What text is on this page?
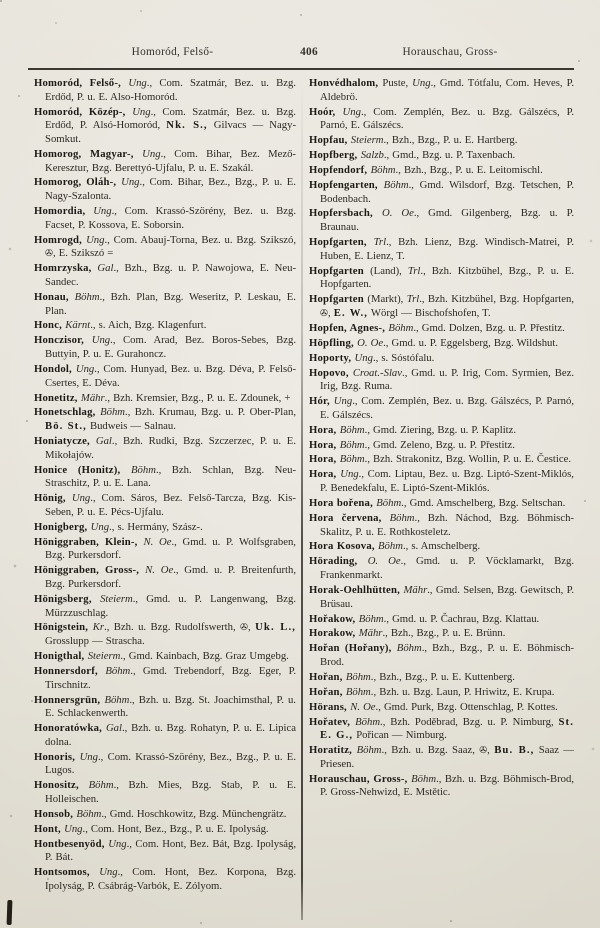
Homoród, Felső-	406	Horauschau, Gross-

Homoród, Felső-, Ung., Com. Szatmár, Bez. u. Bzg. Erdőd, P. u. E. Also-Homoród.

Homoród, Közép-, Ung., Com. Szatmár, Bez. u. Bzg. Erdőd, P. Alsó-Homoród, Nk. S., Gilvacs — Nagy-Somkut.

Homorog, Magyar-, Ung., Com. Bihar, Bez. Mező-Keresztur, Bzg. Berettyó-Ujfalu, P. u. E. Szakál.

Homorog, Oláh-, Ung., Com. Bihar, Bez., Bzg., P. u. E. Nagy-Szalonta.

Homordia, Ung., Com. Krassó-Szörény, Bez. u. Bzg. Facset, P. Kossova, E. Soborsin.

Homrogd, Ung., Com. Abauj-Torna, Bez. u. Bzg. Szikszó, ✇, E. Szikszó =

Homrzyska, Gal., Bzh., Bzg. u. P. Nawojowa, E. Neu-Sandec.

Honau, Böhm., Bzh. Plan, Bzg. Weseritz, P. Leskau, E. Plan.

Honc, Kärnt., s. Aich, Bzg. Klagenfurt.

Honczisor, Ung., Com. Arad, Bez. Boros-Sebes, Bzg. Buttyin, P. u. E. Gurahoncz.

Hondol, Ung., Com. Hunyad, Bez. u. Bzg. Déva, P. Felső-Csertes, E. Déva.

Honetitz, Mähr., Bzh. Kremsier, Bzg., P. u. E. Zdounek, +

Honetschlag, Böhm., Bzh. Krumau, Bzg. u. P. Ober-Plan, Bö. St., Budweis — Salnau.

Honiatycze, Gal., Bzh. Rudki, Bzg. Szczerzec, P. u. E. Mikołajów.

Honice (Honitz), Böhm., Bzh. Schlan, Bzg. Neu-Straschitz, P. u. E. Lana.

Hönig, Ung., Com. Sáros, Bez. Felső-Tarcza, Bzg. Kis-Seben, P. u. E. Pécs-Ujfalu.

Honigberg, Ung., s. Hermány, Szász-.

Höniggraben, Klein-, N. Oe., Gmd. u. P. Wolfsgraben, Bzg. Purkersdorf.

Höniggraben, Gross-, N. Oe., Gmd. u. P. Breitenfurth, Bzg. Purkersdorf.

Hönigsberg, Steierm., Gmd. u. P. Langenwang, Bzg. Mürzzuschlag.

Hönigstein, Kr., Bzh. u. Bzg. Rudolfswerth, ✇, Uk. L., Grosslupp — Strascha.

Honigthal, Steierm., Gmd. Kainbach, Bzg. Graz Umgebg.

Honnersdorf, Böhm., Gmd. Trebendorf, Bzg. Eger, P. Tirschnitz.

Honnersgrün, Böhm., Bzh. u. Bzg. St. Joachimsthal, P. u. E. Schlackenwerth.

Honoratówka, Gal., Bzh. u. Bzg. Rohatyn, P. u. E. Lipica dolna.

Honoris, Ung., Com. Krassó-Szörény, Bez., Bzg., P. u. E. Lugos.

Honositz, Böhm., Bzh. Mies, Bzg. Stab, P. u. E. Holleischen.

Honsob, Böhm., Gmd. Hoschkowitz, Bzg. Münchengrätz.

Hont, Ung., Com. Hont, Bez., Bzg., P. u. E. Ipolyság.

Hontbesenyöd, Ung., Com. Hont, Bez. Bát, Bzg. Ipolyság, P. Bát.

Hontsomos, Ung., Com. Hont, Bez. Korpona, Bzg. Ipolyság, P. Csábrág-Varbók, E. Zólyom.

Honvédhalom, Puste, Ung., Gmd. Tótfalu, Com. Heves, P. Aldebrö.

Hoór, Ung., Com. Zemplén, Bez. u. Bzg. Gálszécs, P. Parnó, E. Gálszécs.

Hopfau, Steierm., Bzh., Bzg., P. u. E. Hartberg.

Hopfberg, Salzb., Gmd., Bzg. u. P. Taxenbach.

Hopfendorf, Böhm., Bzh., Bzg., P. u. E. Leitomischl.

Hopfengarten, Böhm., Gmd. Wilsdorf, Bzg. Tetschen, P. Bodenbach.

Hopfersbach, O. Oe., Gmd. Gilgenberg, Bzg. u. P. Braunau.

Hopfgarten, Trl., Bzh. Lienz, Bzg. Windisch-Matrei, P. Huben, E. Lienz, T.

Hopfgarten (Land), Trl., Bzh. Kitzbühel, Bzg., P. u. E. Hopfgarten.

Hopfgarten (Markt), Trl., Bzh. Kitzbühel, Bzg. Hopfgarten, ✇, E. W., Wörgl — Bischofshofen, T.

Hopfen, Agnes-, Böhm., Gmd. Dolzen, Bzg. u. P. Přestitz.

Höpfling, O. Oe., Gmd. u. P. Eggelsberg, Bzg. Wildshut.

Hoporty, Ung., s. Sóstófalu.

Hopovo, Croat.-Slav., Gmd. u. P. Irig, Com. Syrmien, Bez. Irig, Bzg. Ruma.

Hór, Ung., Com. Zemplén, Bez. u. Bzg. Gálszécs, P. Parnó, E. Gálszécs.

Hora, Böhm., Gmd. Ziering, Bzg. u. P. Kaplitz.

Hora, Böhm., Gmd. Zeleno, Bzg. u. P. Přestitz.

Hora, Böhm., Bzh. Strakonitz, Bzg. Wollin, P. u. E. Čestice.

Hora, Ung., Com. Liptau, Bez. u. Bzg. Liptó-Szent-Miklós, P. Benedekfalu, E. Liptó-Szent-Miklós.

Hora bořena, Böhm., Gmd. Amschelberg, Bzg. Seltschan.

Hora červena, Böhm., Bzh. Náchod, Bzg. Böhmisch-Skalitz, P. u. E. Rothkosteletz.

Hora Kosova, Böhm., s. Amschelberg.

Hörading, O. Oe., Gmd. u. P. Vöcklamarkt, Bzg. Frankenmarkt.

Horak-Oehlhütten, Mähr., Gmd. Selsen, Bzg. Gewitsch, P. Brüsau.

Hořakow, Böhm., Gmd. u. P. Čachrau, Bzg. Klattau.

Horakow, Mähr., Bzh., Bzg., P. u. E. Brünn.

Hořan (Hořany), Böhm., Bzh., Bzg., P. u. E. Böhmisch-Brod.

Hořan, Böhm., Bzh., Bzg., P. u. E. Kuttenberg.

Hořan, Böhm., Bzh. u. Bzg. Laun, P. Hriwitz, E. Krupa.

Hörans, N. Oe., Gmd. Purk, Bzg. Ottenschlag, P. Kottes.

Hořatev, Böhm., Bzh. Poděbrad, Bzg. u. P. Nimburg, St. E. G., Pořican — Nimburg.

Horatitz, Böhm., Bzh. u. Bzg. Saaz, ✇, Bu. B., Saaz — Priesen.

Horauschau, Gross-, Böhm., Bzh. u. Bzg. Böhmisch-Brod, P. Gross-Nehwizd, E. Mstětic.
